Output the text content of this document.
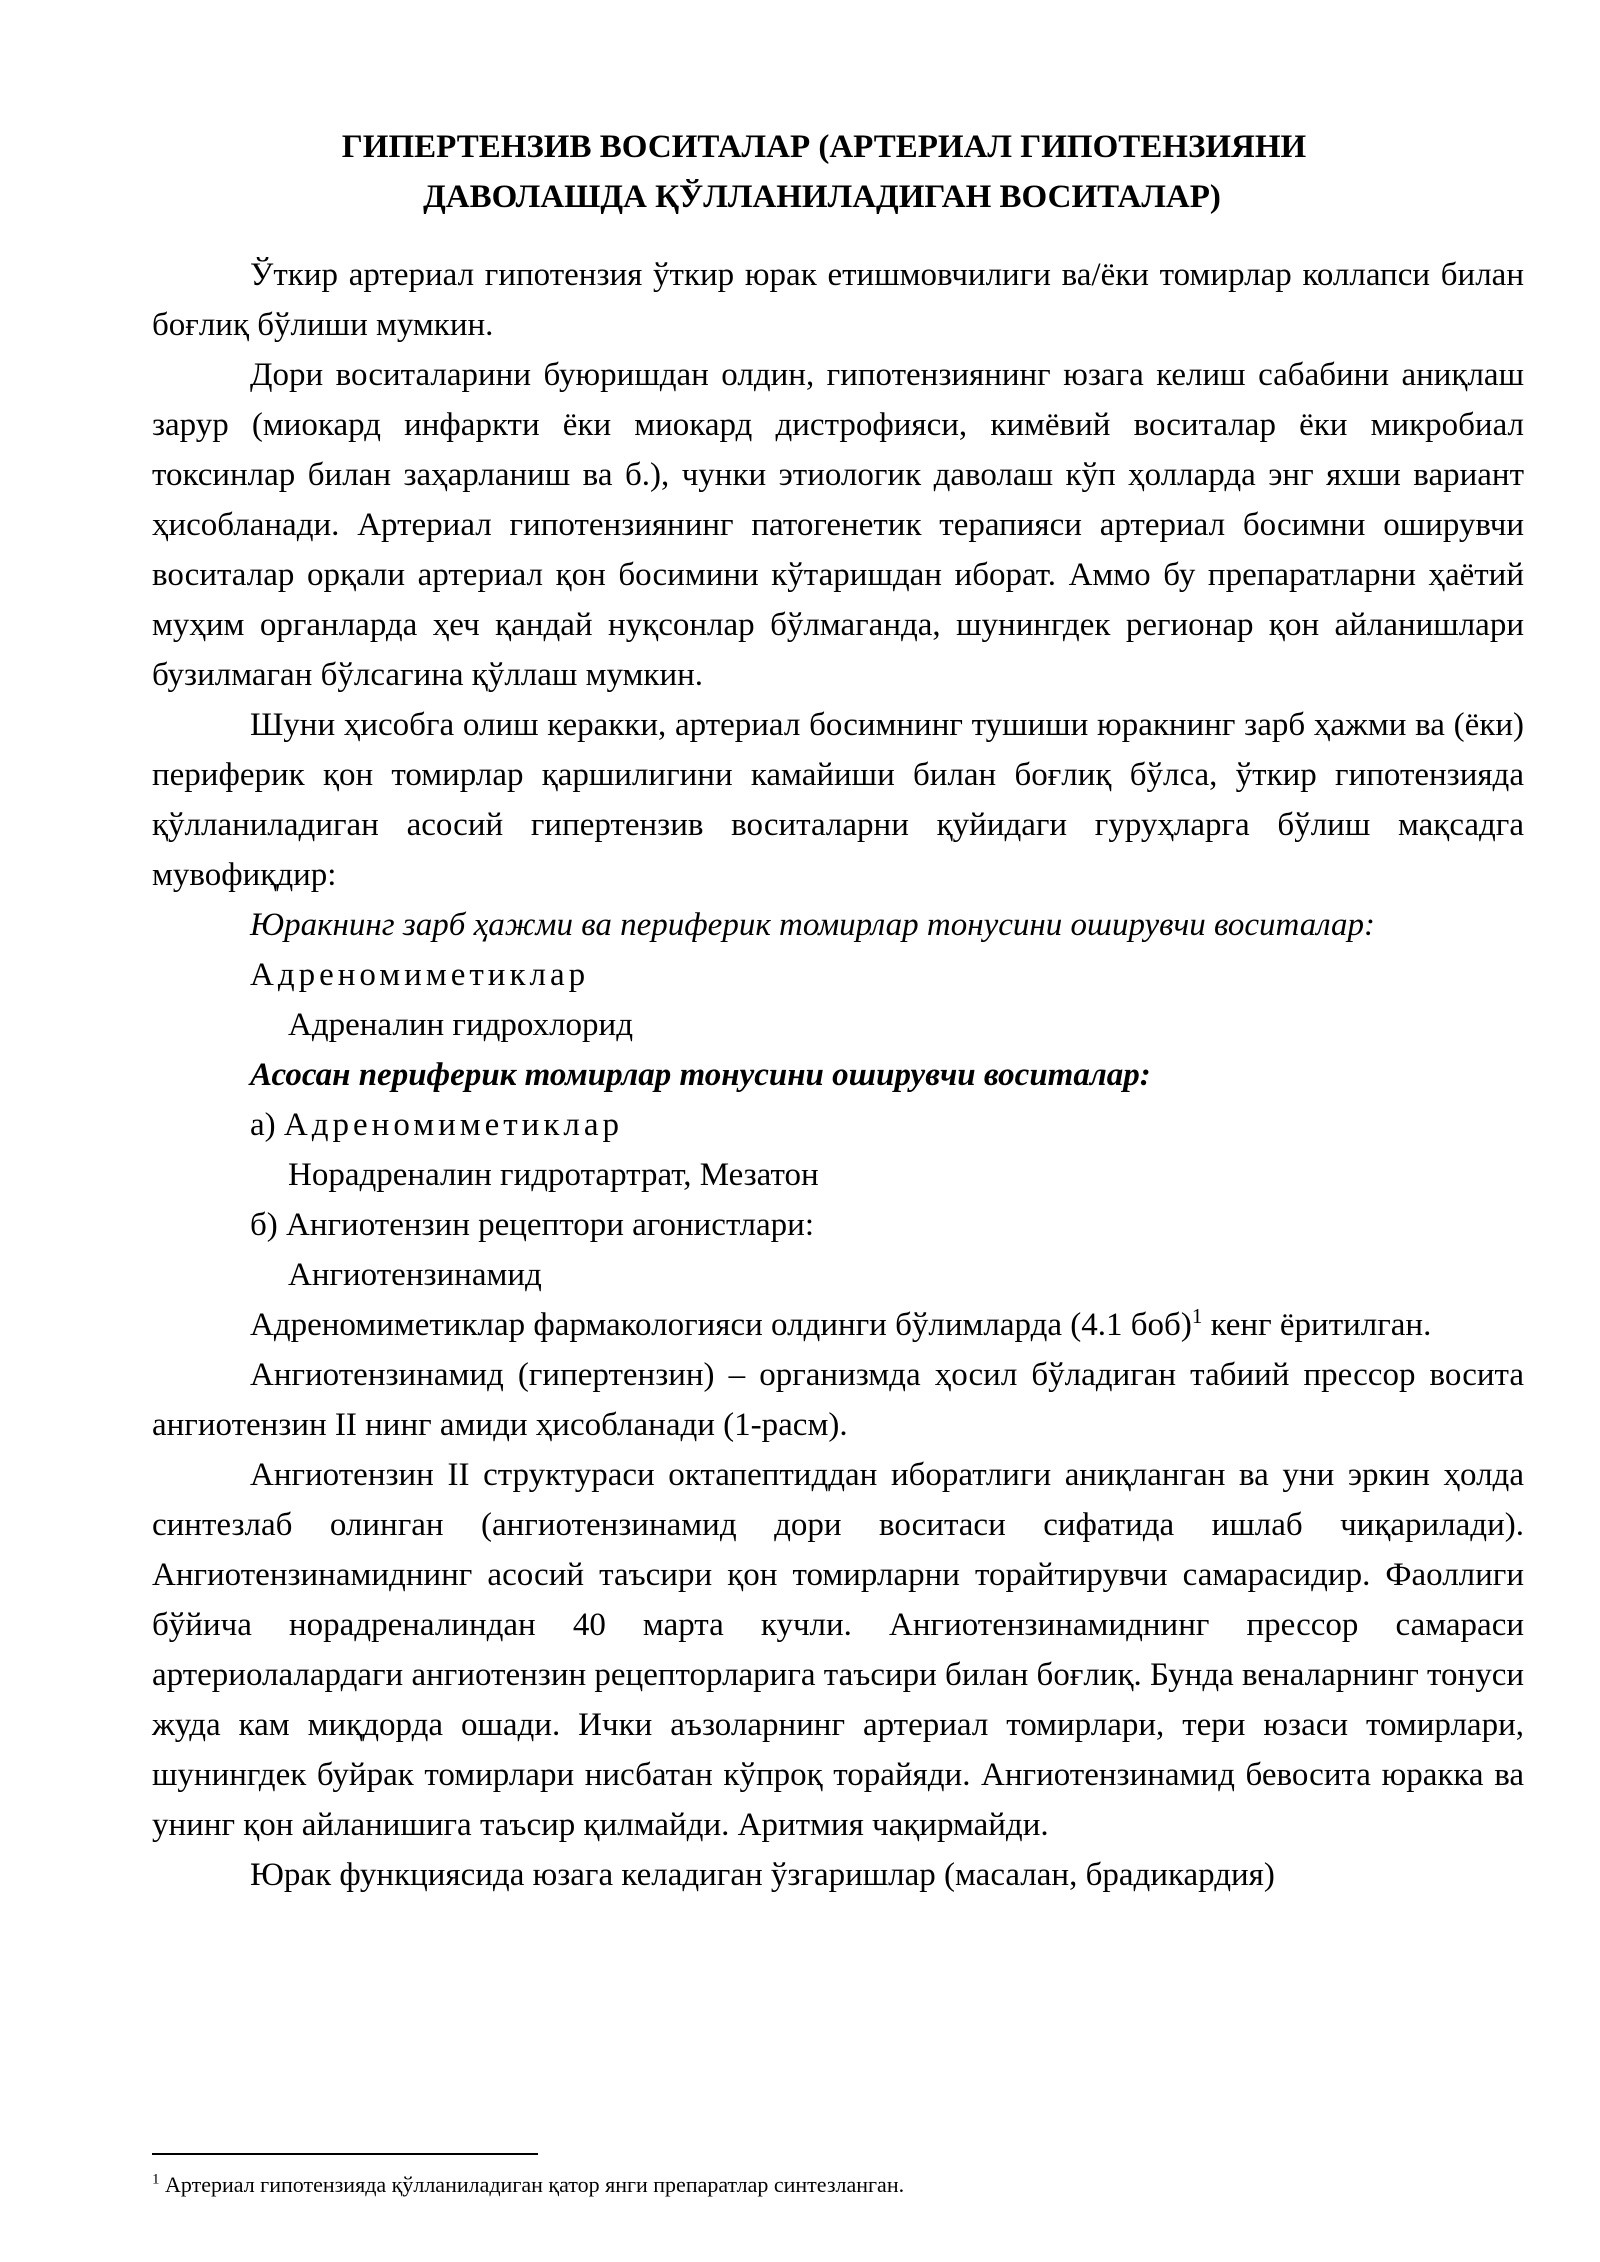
ГИПЕРТЕНЗИВ ВОСИТАЛАР (АРТЕРИАЛ ГИПОТЕНЗИЯНИ
ДАВОЛАШДА ҚЎЛЛАНИЛАДИГАН ВОСИТАЛАР)

Ўткир артериал гипотензия ўткир юрак етишмовчилиги ва/ёки томирлар коллапси билан боғлиқ бўлиши мумкин.

Дори воситаларини буюришдан олдин, гипотензиянинг юзага келиш сабабини аниқлаш зарур (миокард инфаркти ёки миокард дистрофияси, кимёвий воситалар ёки микробиал токсинлар билан заҳарланиш ва б.), чунки этиологик даволаш кўп ҳолларда энг яхши вариант ҳисобланади. Артериал гипотензиянинг патогенетик терапияси артериал босимни оширувчи воситалар орқали артериал қон босимини кўтаришдан иборат. Аммо бу препаратларни ҳаётий муҳим органларда ҳеч қандай нуқсонлар бўлмаганда, шунингдек регионар қон айланишлари бузилмаган бўлсагина қўллаш мумкин.

Шуни ҳисобга олиш керакки, артериал босимнинг тушиши юракнинг зарб ҳажми ва (ёки) периферик қон томирлар қаршилигини камайиши билан боғлиқ бўлса, ўткир гипотензияда қўлланиладиган асосий гипертензив воситаларни қуйидаги гуруҳларга бўлиш мақсадга мувофиқдир:

Юракнинг зарб ҳажми ва периферик томирлар тонусини оширувчи воситалар:

Адреномиметиклар
Адреналин гидрохлорид
Асосан периферик томирлар тонусини оширувчи воситалар:
а) Адреномиметиклар
Норадреналин гидротартрат, Мезатон
б) Ангиотензин рецептори агонистлари:
Ангиотензинамид

Адреномиметиклар фармакологияси олдинги бўлимларда (4.1 боб)$^1$ кенг ёритилган.

Ангиотензинамид (гипертензин) – организмда ҳосил бўладиган табиий прессор восита ангиотензин II нинг амиди ҳисобланади (1-расм).

Ангиотензин II структураси октапептиддан иборатлиги аниқланган ва уни эркин ҳолда синтезлаб олинган (ангиотензинамид дори воситаси сифатида ишлаб чиқарилади). Ангиотензинамиднинг асосий таъсири қон томирларни торайтирувчи самарасидир. Фаоллиги бўйича норадреналиндан 40 марта кучли. Ангиотензинамиднинг прессор самараси артериолалардаги ангиотензин рецепторларига таъсири билан боғлиқ. Бунда веналарнинг тонуси жуда кам миқдорда ошади. Ички аъзоларнинг артериал томирлари, тери юзаси томирлари, шунингдек буйрак томирлари нисбатан кўпроқ торайяди. Ангиотензинамид бевосита юракка ва унинг қон айланишига таъсир қилмайди. Аритмия чақирмайди.

Юрак функциясида юзага келадиган ўзгаришлар (масалан, брадикардия)

$^1$ Артериал гипотензияда қўлланиладиган қатор янги препаратлар синтезланган.
